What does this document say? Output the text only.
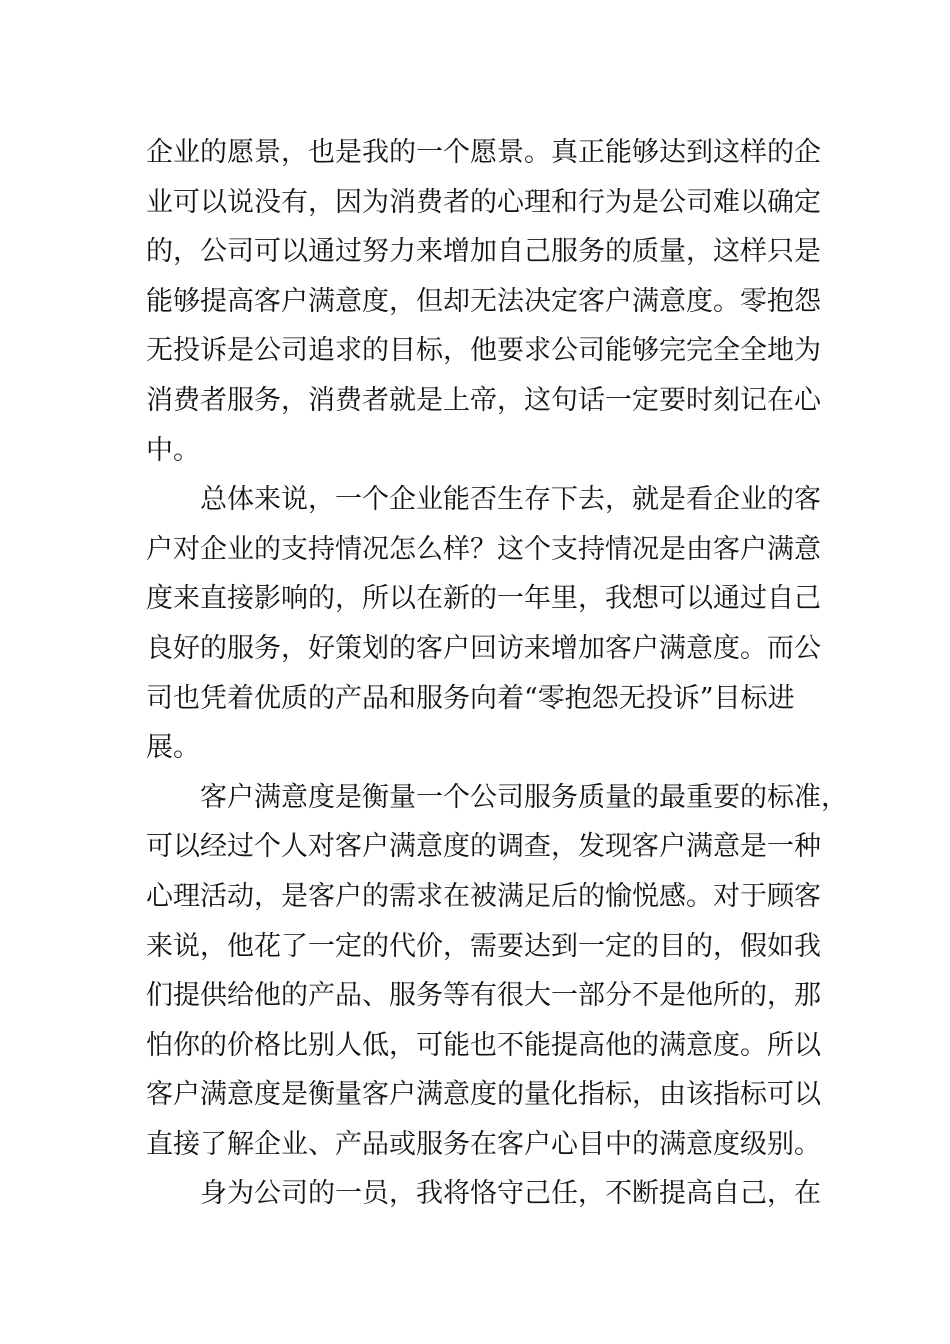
企业的愿景，也是我的一个愿景。真正能够达到这样的企
业可以说没有，因为消费者的心理和行为是公司难以确定
的，公司可以通过努力来增加自己服务的质量，这样只是
能够提高客户满意度，但却无法决定客户满意度。零抱怨
无投诉是公司追求的目标，他要求公司能够完完全全地为
消费者服务，消费者就是上帝，这句话一定要时刻记在心
中。

总体来说，一个企业能否生存下去，就是看企业的客
户对企业的支持情况怎么样？这个支持情况是由客户满意
度来直接影响的，所以在新的一年里，我想可以通过自己
良好的服务，好策划的客户回访来增加客户满意度。而公
司也凭着优质的产品和服务向着“零抱怨无投诉”目标进
展。

客户满意度是衡量一个公司服务质量的最重要的标准，
可以经过个人对客户满意度的调查，发现客户满意是一种
心理活动，是客户的需求在被满足后的愉悦感。对于顾客
来说，他花了一定的代价，需要达到一定的目的，假如我
们提供给他的产品、服务等有很大一部分不是他所的，那
怕你的价格比别人低，可能也不能提高他的满意度。所以
客户满意度是衡量客户满意度的量化指标，由该指标可以
直接了解企业、产品或服务在客户心目中的满意度级别。

身为公司的一员，我将恪守己任，不断提高自己，在
